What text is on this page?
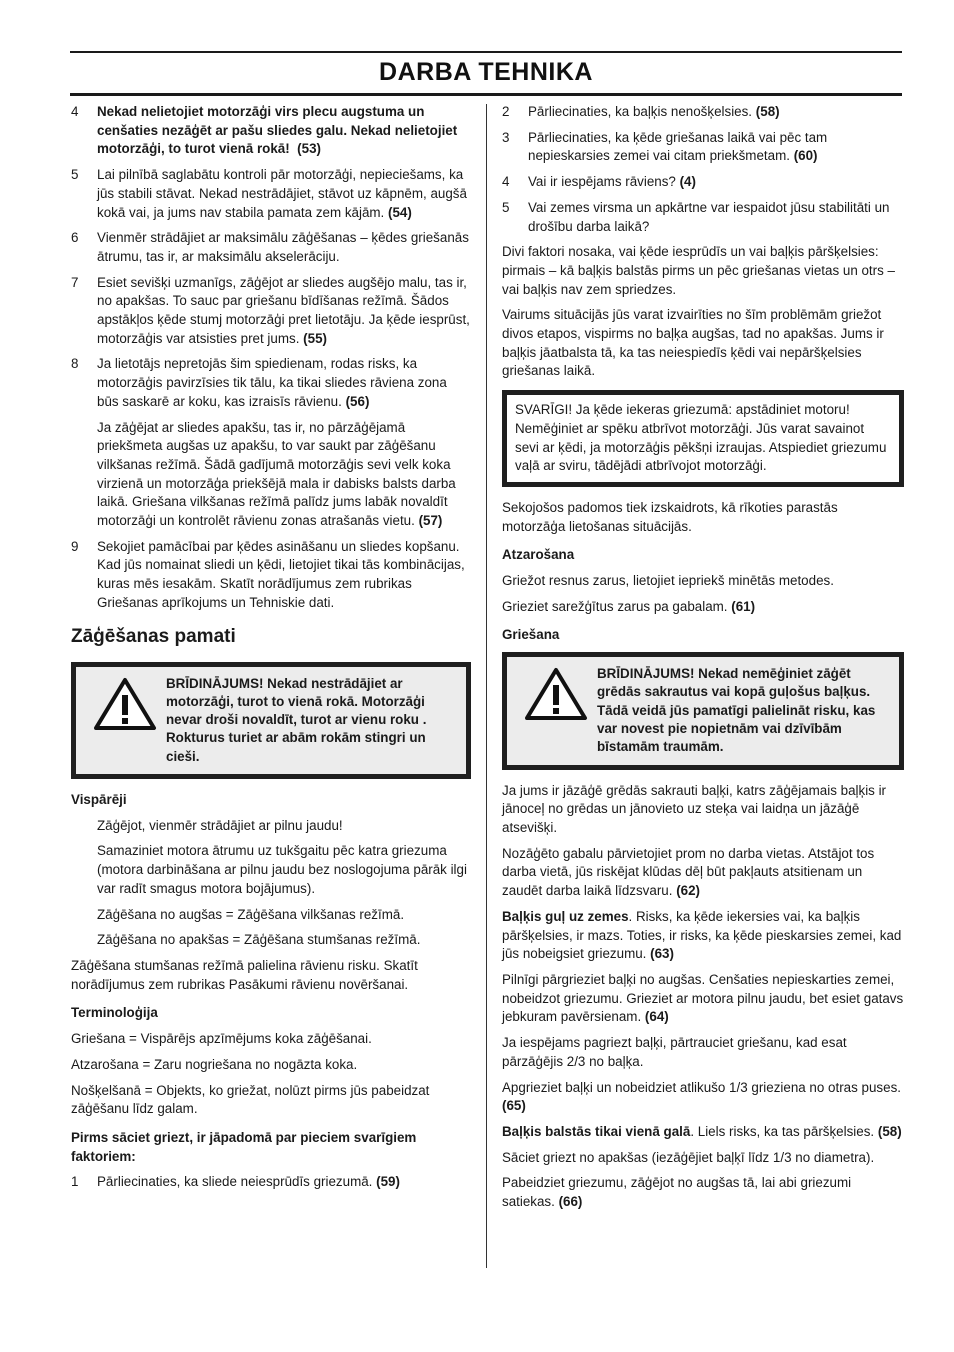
DARBA TEHNIKA
4	Nekad nelietojiet motorzāģi virs plecu augstuma un cenšaties nezāģēt ar pašu sliedes galu. Nekad nelietojiet motorzāģi, to turot vienā rokā! (53)
5	Lai pilnībā saglabātu kontroli pār motorzāģi, nepieciešams, ka jūs stabili stāvat. Nekad nestrādājiet, stāvot uz kāpnēm, augšā kokā vai, ja jums nav stabila pamata zem kājām. (54)
6	Vienmēr strādājiet ar maksimālu zāģēšanas – ķēdes griešanās ātrumu, tas ir, ar maksimālu akselerāciju.
7	Esiet sevišķi uzmanīgs, zāģējot ar sliedes augšējo malu, tas ir, no apakšas. To sauc par griešanu bīdīšanas režīmā. Šādos apstākļos ķēde stumj motorzāģi pret lietotāju. Ja ķēde iesprūst, motorzāģis var atsisties pret jums. (55)
8	Ja lietotājs nepretojās šim spiedienam, rodas risks, ka motorzāģis pavirzīsies tik tālu, ka tikai sliedes rāviena zona būs saskarē ar koku, kas izraisīs rāvienu. (56)

Ja zāģējat ar sliedes apakšu, tas ir, no pārzāģējamā priekšmeta augšas uz apakšu, to var saukt par zāģēšanu vilkšanas režīmā. Šādā gadījumā motorzāģis sevi velk koka virzienā un motorzāģa priekšējā mala ir dabisks balsts darba laikā. Griešana vilkšanas režīmā palīdz jums labāk novaldīt motorzāģi un kontrolēt rāvienu zonas atrašanās vietu. (57)

9	Sekojiet pamācībai par ķēdes asināšanu un sliedes kopšanu. Kad jūs nomainat sliedi un ķēdi, lietojiet tikai tās kombinācijas, kuras mēs iesakām. Skatīt norādījumus zem rubrikas Griešanas aprīkojums un Tehniskie dati.
Zāģēšanas pamati
BRĪDINĀJUMS! Nekad nestrādājiet ar motorzāģi, turot to vienā rokā. Motorzāģi nevar droši novaldīt, turot ar vienu roku . Rokturus turiet ar abām rokām stingri un cieši.
Vispārēji

Zāģējot, vienmēr strādājiet ar pilnu jaudu!

Samaziniet motora ātrumu uz tukšgaitu pēc katra griezuma (motora darbināšana ar pilnu jaudu bez noslogojuma pārāk ilgi var radīt smagus motora bojājumus).

Zāģēšana no augšas = Zāģēšana vilkšanas režīmā.

Zāģēšana no apakšas = Zāģēšana stumšanas režīmā.

Zāģēšana stumšanas režīmā palielina rāvienu risku. Skatīt norādījumus zem rubrikas Pasākumi rāvienu novēršanai.

Terminoloģija

Griešana = Vispārējs apzīmējums koka zāģēšanai.

Atzarošana = Zaru nogriešana no nogāzta koka.

Nošķelšanā = Objekts, ko griežat, nolūzt pirms jūs pabeidzat zāģēšanu līdz galam.

Pirms sāciet griezt, ir jāpadomā par pieciem svarīgiem faktoriem:
1	Pārliecinaties, ka sliede neiesprūdīs griezumā. (59)
2	Pārliecinaties, ka baļķis nenošķelsies. (58)
3	Pārliecinaties, ka ķēde griešanas laikā vai pēc tam nepieskarsies zemei vai citam priekšmetam. (60)
4	Vai ir iespējams rāviens? (4)
5	Vai zemes virsma un apkārtne var iespaidot jūsu stabilitāti un drošību darba laikā?

Divi faktori nosaka, vai ķēde iesprūdīs un vai baļķis pāršķelsies: pirmais – kā baļķis balstās pirms un pēc griešanas vietas un otrs – vai baļķis nav zem spriedzes.

Vairums situācijās jūs varat izvairīties no šīm problēmām griežot divos etapos, vispirms no baļķa augšas, tad no apakšas. Jums ir baļķis jāatbalsta tā, ka tas neiespiedīs ķēdi vai nepāršķelsies griešanas laikā.

SVARĪGI! Ja ķēde iekeras griezumā: apstādiniet motoru! Nemēģiniet ar spēku atbrīvot motorzāģi. Jūs varat savainot sevi ar ķēdi, ja motorzāģis pēkšņi izraujas. Atspiediet griezumu vaļā ar sviru, tādējādi atbrīvojot motorzāģi.

Sekojošos padomos tiek izskaidrots, kā rīkoties parastās motorzāģa lietošanas situācijās.

Atzarošana

Griežot resnus zarus, lietojiet iepriekš minētās metodes.

Grieziet sarežģītus zarus pa gabalam. (61)

Griešana
BRĪDINĀJUMS! Nekad nemēģiniet zāģēt grēdās sakrautus vai kopā guļošus baļķus. Tādā veidā jūs pamatīgi palielināt risku, kas var novest pie nopietnām vai dzīvībām bīstamām traumām.

Ja jums ir jāzāģē grēdās sakrauti baļķi, katrs zāģējamais baļķis ir jānoceļ no grēdas un jānovieto uz steķa vai laidņa un jāzāģē atsevišķi.

Nozāģēto gabalu pārvietojiet prom no darba vietas. Atstājot tos darba vietā, jūs riskējat klūdas dēļ būt pakļauts atsitienam un zaudēt darba laikā līdzsvaru. (62)

Baļķis guļ uz zemes. Risks, ka ķēde iekersies vai, ka baļķis pāršķelsies, ir mazs. Toties, ir risks, ka ķēde pieskarsies zemei, kad jūs nobeigsiet griezumu. (63)

Pilnīgi pārgrieziet baļķi no augšas. Cenšaties nepieskarties zemei, nobeidzot griezumu. Grieziet ar motora pilnu jaudu, bet esiet gatavs jebkuram pavērsienam. (64)

Ja iespējams pagriezt baļķi, pārtrauciet griešanu, kad esat pārzāģējis 2/3 no baļķa.

Apgrieziet baļķi un nobeidziet atlikušo 1/3 griezienа no otras puses. (65)

Baļķis balstās tikai vienā galā. Liels risks, ka tas pāršķelsies. (58)

Sāciet griezt no apakšas (iezāģējiet baļķī līdz 1/3 no diametra).

Pabeidziet griezumu, zāģējot no augšas tā, lai abi griezumi satiekas. (66)
